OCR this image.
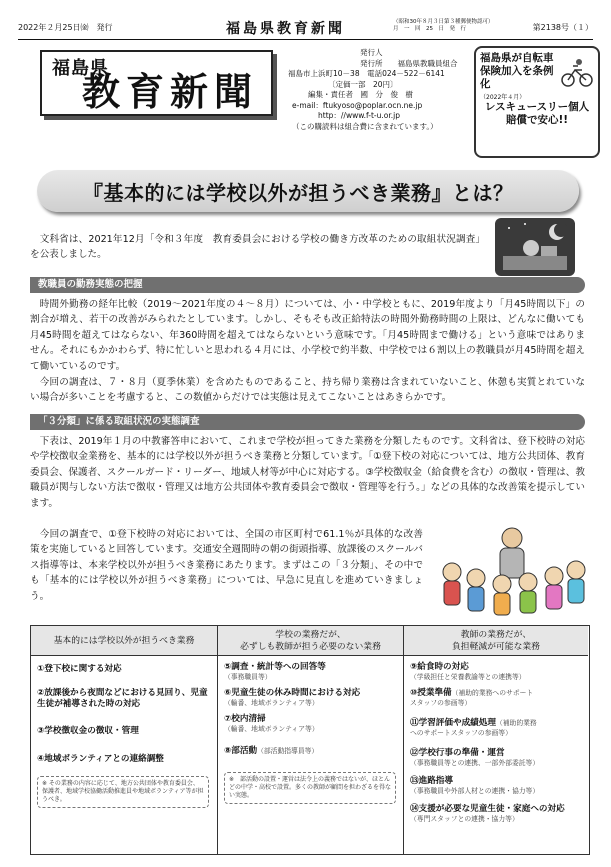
2022年２月25日㈮　発行	福島県教育新聞	（昭和30年８月３日第３種郵便物認可）　　月　一　回　25　日　発　行	第2138号（１）
福島県
教育新聞
発行人
発行所　　福島県教職員組合
福島市上浜町10－38　電話024－522－6141
〔定価一部　20円〕
編集・責任者　國　分　俊　樹
e-mail：ftukyoso@poplar.ocn.ne.jp
http：//www.f-t-u.or.jp
（この購読料は組合費に含まれています。）
福島県が自転車保険加入を条例化
（2022年４月）
レスキュースリー個人賠償で安心!!
『基本的には学校以外が担うべき業務』とは？
　文科省は、2021年12月「令和３年度　教育委員会における学校の働き方改革のための取組状況調査」を公表しました。
教職員の勤務実態の把握
　時間外勤務の経年比較（2019～2021年度の４～８月）については、小・中学校ともに、2019年度より「月45時間以下」の割合が増え、若干の改善がみられたとしています。しかし、そもそも改正給特法の時間外勤務時間の上限は、どんなに働いても月45時間を超えてはならない、年360時間を超えてはならないという意味です。「月45時間まで働ける」という意味ではありません。それにもかかわらず、特に忙しいと思われる４月には、小学校で約半数、中学校では６割以上の教職員が月45時間を超えて働いているのです。
　今回の調査は、７・８月（夏季休業）を含めたものであること、持ち帰り業務は含まれていないこと、休憩も実質とれていない場合が多いことを考慮すると、この数値からだけでは実態は見えてこないことはあきらかです。
「３分類」に係る取組状況の実態調査
　下表は、2019年１月の中教審答申において、これまで学校が担ってきた業務を分類したものです。文科省は、登下校時の対応や学校徴収金業務を、基本的には学校以外が担うべき業務と分類しています。「①登下校の対応については、地方公共団体、教育委員会、保護者、スクールガード・リーダー、地域人材等が中心に対応する。③学校徴収金（給食費を含む）の徴収・管理は、教職員が関与しない方法で徴収・管理又は地方公共団体や教育委員会で徴収・管理等を行う。」などの具体的な改善策を提示しています。
　今回の調査で、①登下校時の対応においては、全国の市区町村で61.1％が具体的な改善策を実施していると回答しています。交通安全週間時の朝の街頭指導、放課後のスクールバス指導等は、本来学校以外が担うべき業務にあたります。まずはこの「３分類」、その中でも「基本的には学校以外が担うべき業務」については、早急に見直しを進めていきましょう。
基本的には学校以外が担うべき業務
①登下校に関する対応
②放課後から夜間などにおける見回り、児童生徒が補導された時の対応
③学校徴収金の徴収・管理
④地域ボランティアとの連絡調整
※ その業務の内容に応じて、地方公共団体や教育委員会、保護者、地域学校協働活動推進員や地域ボランティア等が担うべき。
学校の業務だが、
必ずしも教師が担う必要のない業務
⑤調査・統計等への回答等
（事務職員等）
⑥児童生徒の休み時間における対応
（輪番、地域ボランティア等）
⑦校内清掃
（輪番、地域ボランティア等）
⑧部活動（部活動指導員等）
※　部活動の設置・運営は法令上の義務ではないが、ほとんどの中学・高校で設置。多くの教師が顧問を担わざるを得ない実態。
教師の業務だが、
負担軽減が可能な業務
⑨給食時の対応
（学級担任と栄養教諭等との連携等）
⑩授業準備（補助的業務へのサポート
スタッフの参画等）
⑪学習評価や成績処理（補助的業務
へのサポートスタッフの参画等）
⑫学校行事の準備・運営
（事務職員等との連携、一部外部委託等）
⑬進路指導
（事務職員や外部人材との連携・協力等）
⑭支援が必要な児童生徒・家庭への対応
（専門スタッフとの連携・協力等）
